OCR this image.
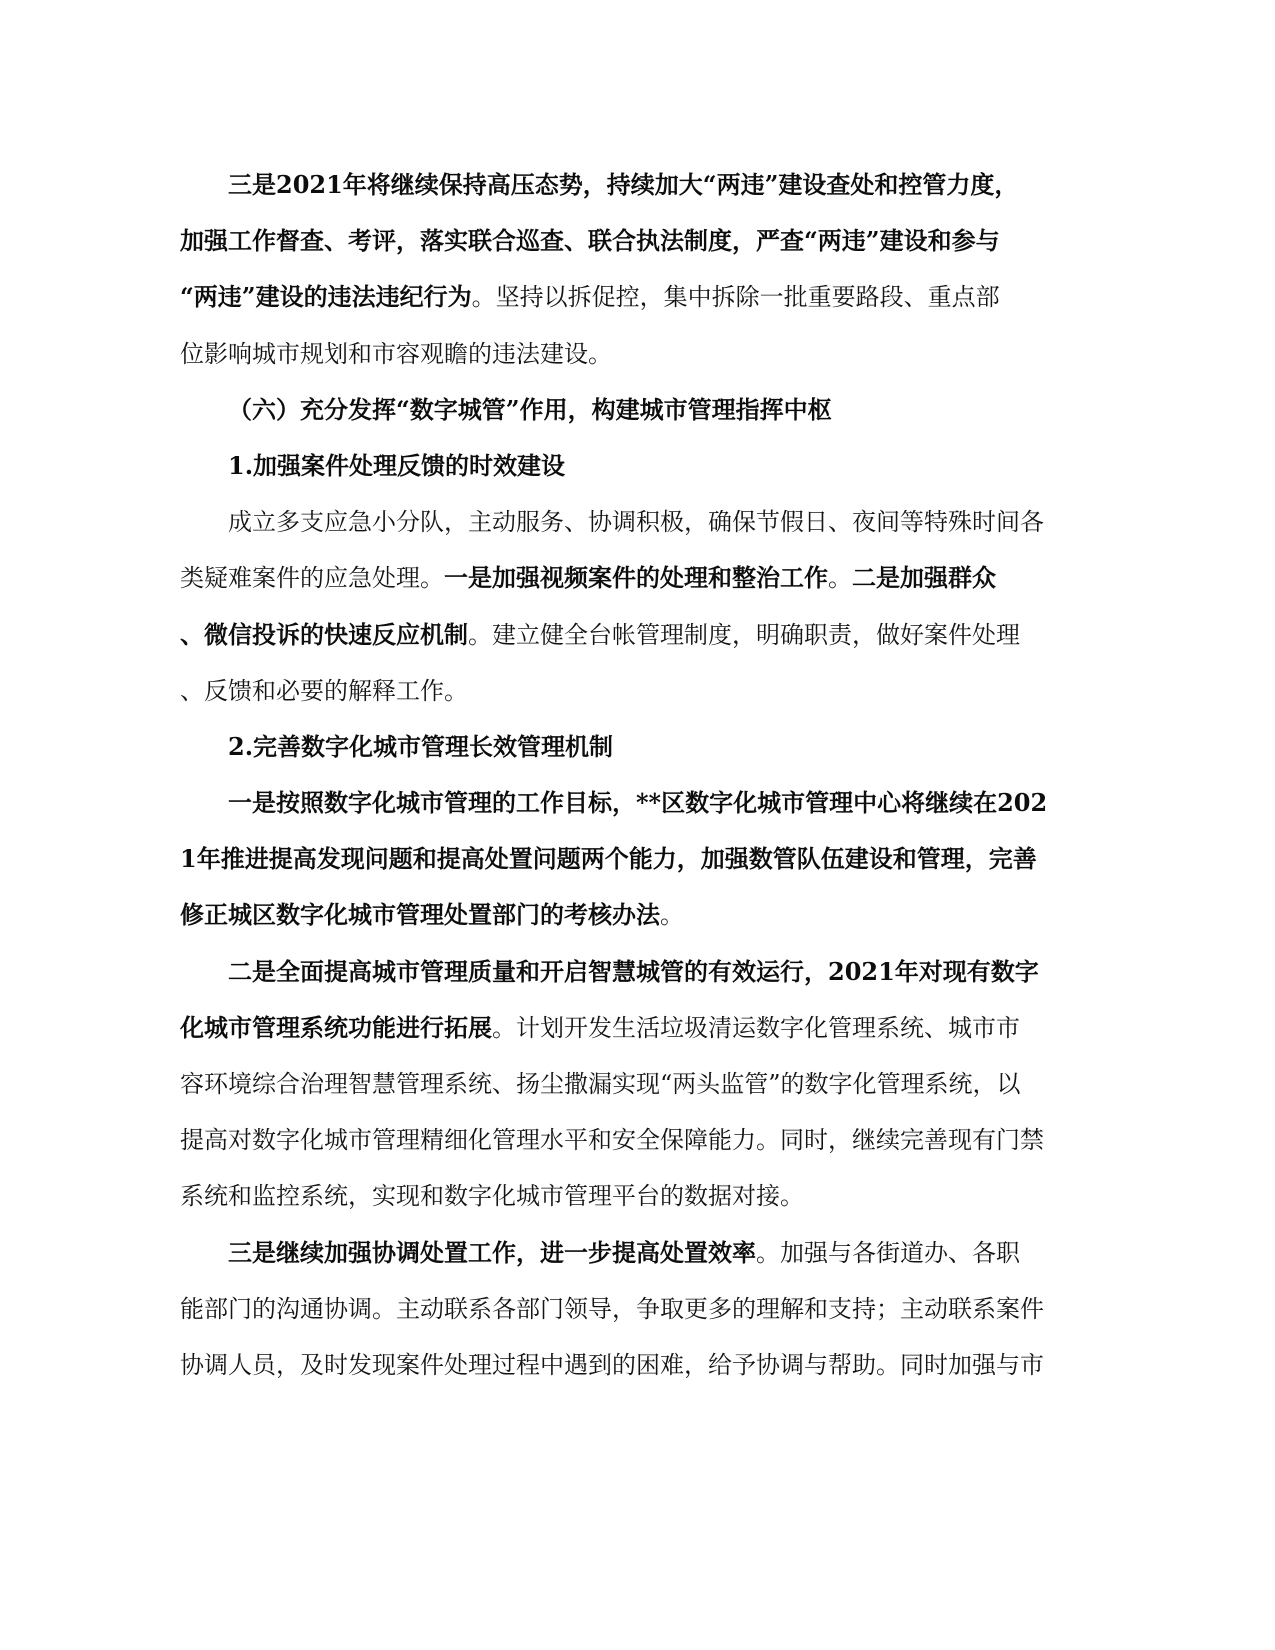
三是2021年将继续保持高压态势，持续加大“两违”建设查处和控管力度，
加强工作督查、考评，落实联合巡查、联合执法制度，严查“两违”建设和参与
“两违”建设的违法违纪行为。坚持以拆促控，集中拆除一批重要路段、重点部
位影响城市规划和市容观瞻的违法建设。
（六）充分发挥“数字城管”作用，构建城市管理指挥中枢
1.加强案件处理反馈的时效建设
成立多支应急小分队，主动服务、协调积极，确保节假日、夜间等特殊时间各
类疑难案件的应急处理。一是加强视频案件的处理和整治工作。二是加强群众
、微信投诉的快速反应机制。建立健全台帐管理制度，明确职责，做好案件处理
、反馈和必要的解释工作。
2.完善数字化城市管理长效管理机制
一是按照数字化城市管理的工作目标，**区数字化城市管理中心将继续在202
1年推进提高发现问题和提高处置问题两个能力，加强数管队伍建设和管理，完善
修正城区数字化城市管理处置部门的考核办法。
二是全面提高城市管理质量和开启智慧城管的有效运行，2021年对现有数字
化城市管理系统功能进行拓展。计划开发生活垃圾清运数字化管理系统、城市市
容环境综合治理智慧管理系统、扬尘撒漏实现“两头监管”的数字化管理系统，以
提高对数字化城市管理精细化管理水平和安全保障能力。同时，继续完善现有门禁
系统和监控系统，实现和数字化城市管理平台的数据对接。
三是继续加强协调处置工作，进一步提高处置效率。加强与各街道办、各职
能部门的沟通协调。主动联系各部门领导，争取更多的理解和支持；主动联系案件
协调人员，及时发现案件处理过程中遇到的困难，给予协调与帮助。同时加强与市
